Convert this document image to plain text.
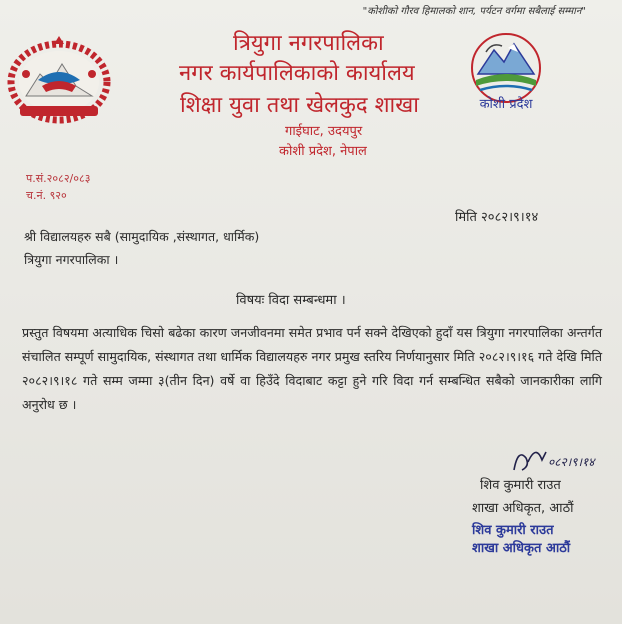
"कोशीको गौरव हिमालको शान, पर्यटन वर्गमा सबैलाई सम्मान"
त्रियुगा नगरपालिका
नगर कार्यपालिकाको कार्यालय
शिक्षा युवा तथा खेलकुद शाखा
गाईघाट, उदयपुर
कोशी प्रदेश, नेपाल
कोशी प्रदेश
प.सं.२०८२/०८३
च.नं. ९२०
मिति २०८२।९।१४
श्री विद्यालयहरु सबै (सामुदायिक ,संस्थागत, धार्मिक)
त्रियुगा नगरपालिका ।
विषयः विदा सम्बन्धमा ।
प्रस्तुत विषयमा अत्याधिक चिसो बढेका कारण जनजीवनमा समेत प्रभाव पर्न सक्ने देखिएको हुदाँ यस त्रियुगा नगरपालिका अन्तर्गत संचालित सम्पूर्ण सामुदायिक, संस्थागत तथा धार्मिक विद्यालयहरु नगर प्रमुख स्तरिय निर्णयानुसार मिति २०८२।९।१६ गते देखि मिति २०८२।९।१८ गते सम्म जम्मा ३(तीन दिन) वर्षे वा हिउँदे विदाबाट कट्टा हुने गरि विदा गर्न सम्बन्धित सबैको जानकारीका लागि अनुरोध छ ।
०८२।९।१४
शिव कुमारी राउत
शाखा अधिकृत, आठौं
शिव कुमारी राउत
शाखा अधिकृत आठौं
